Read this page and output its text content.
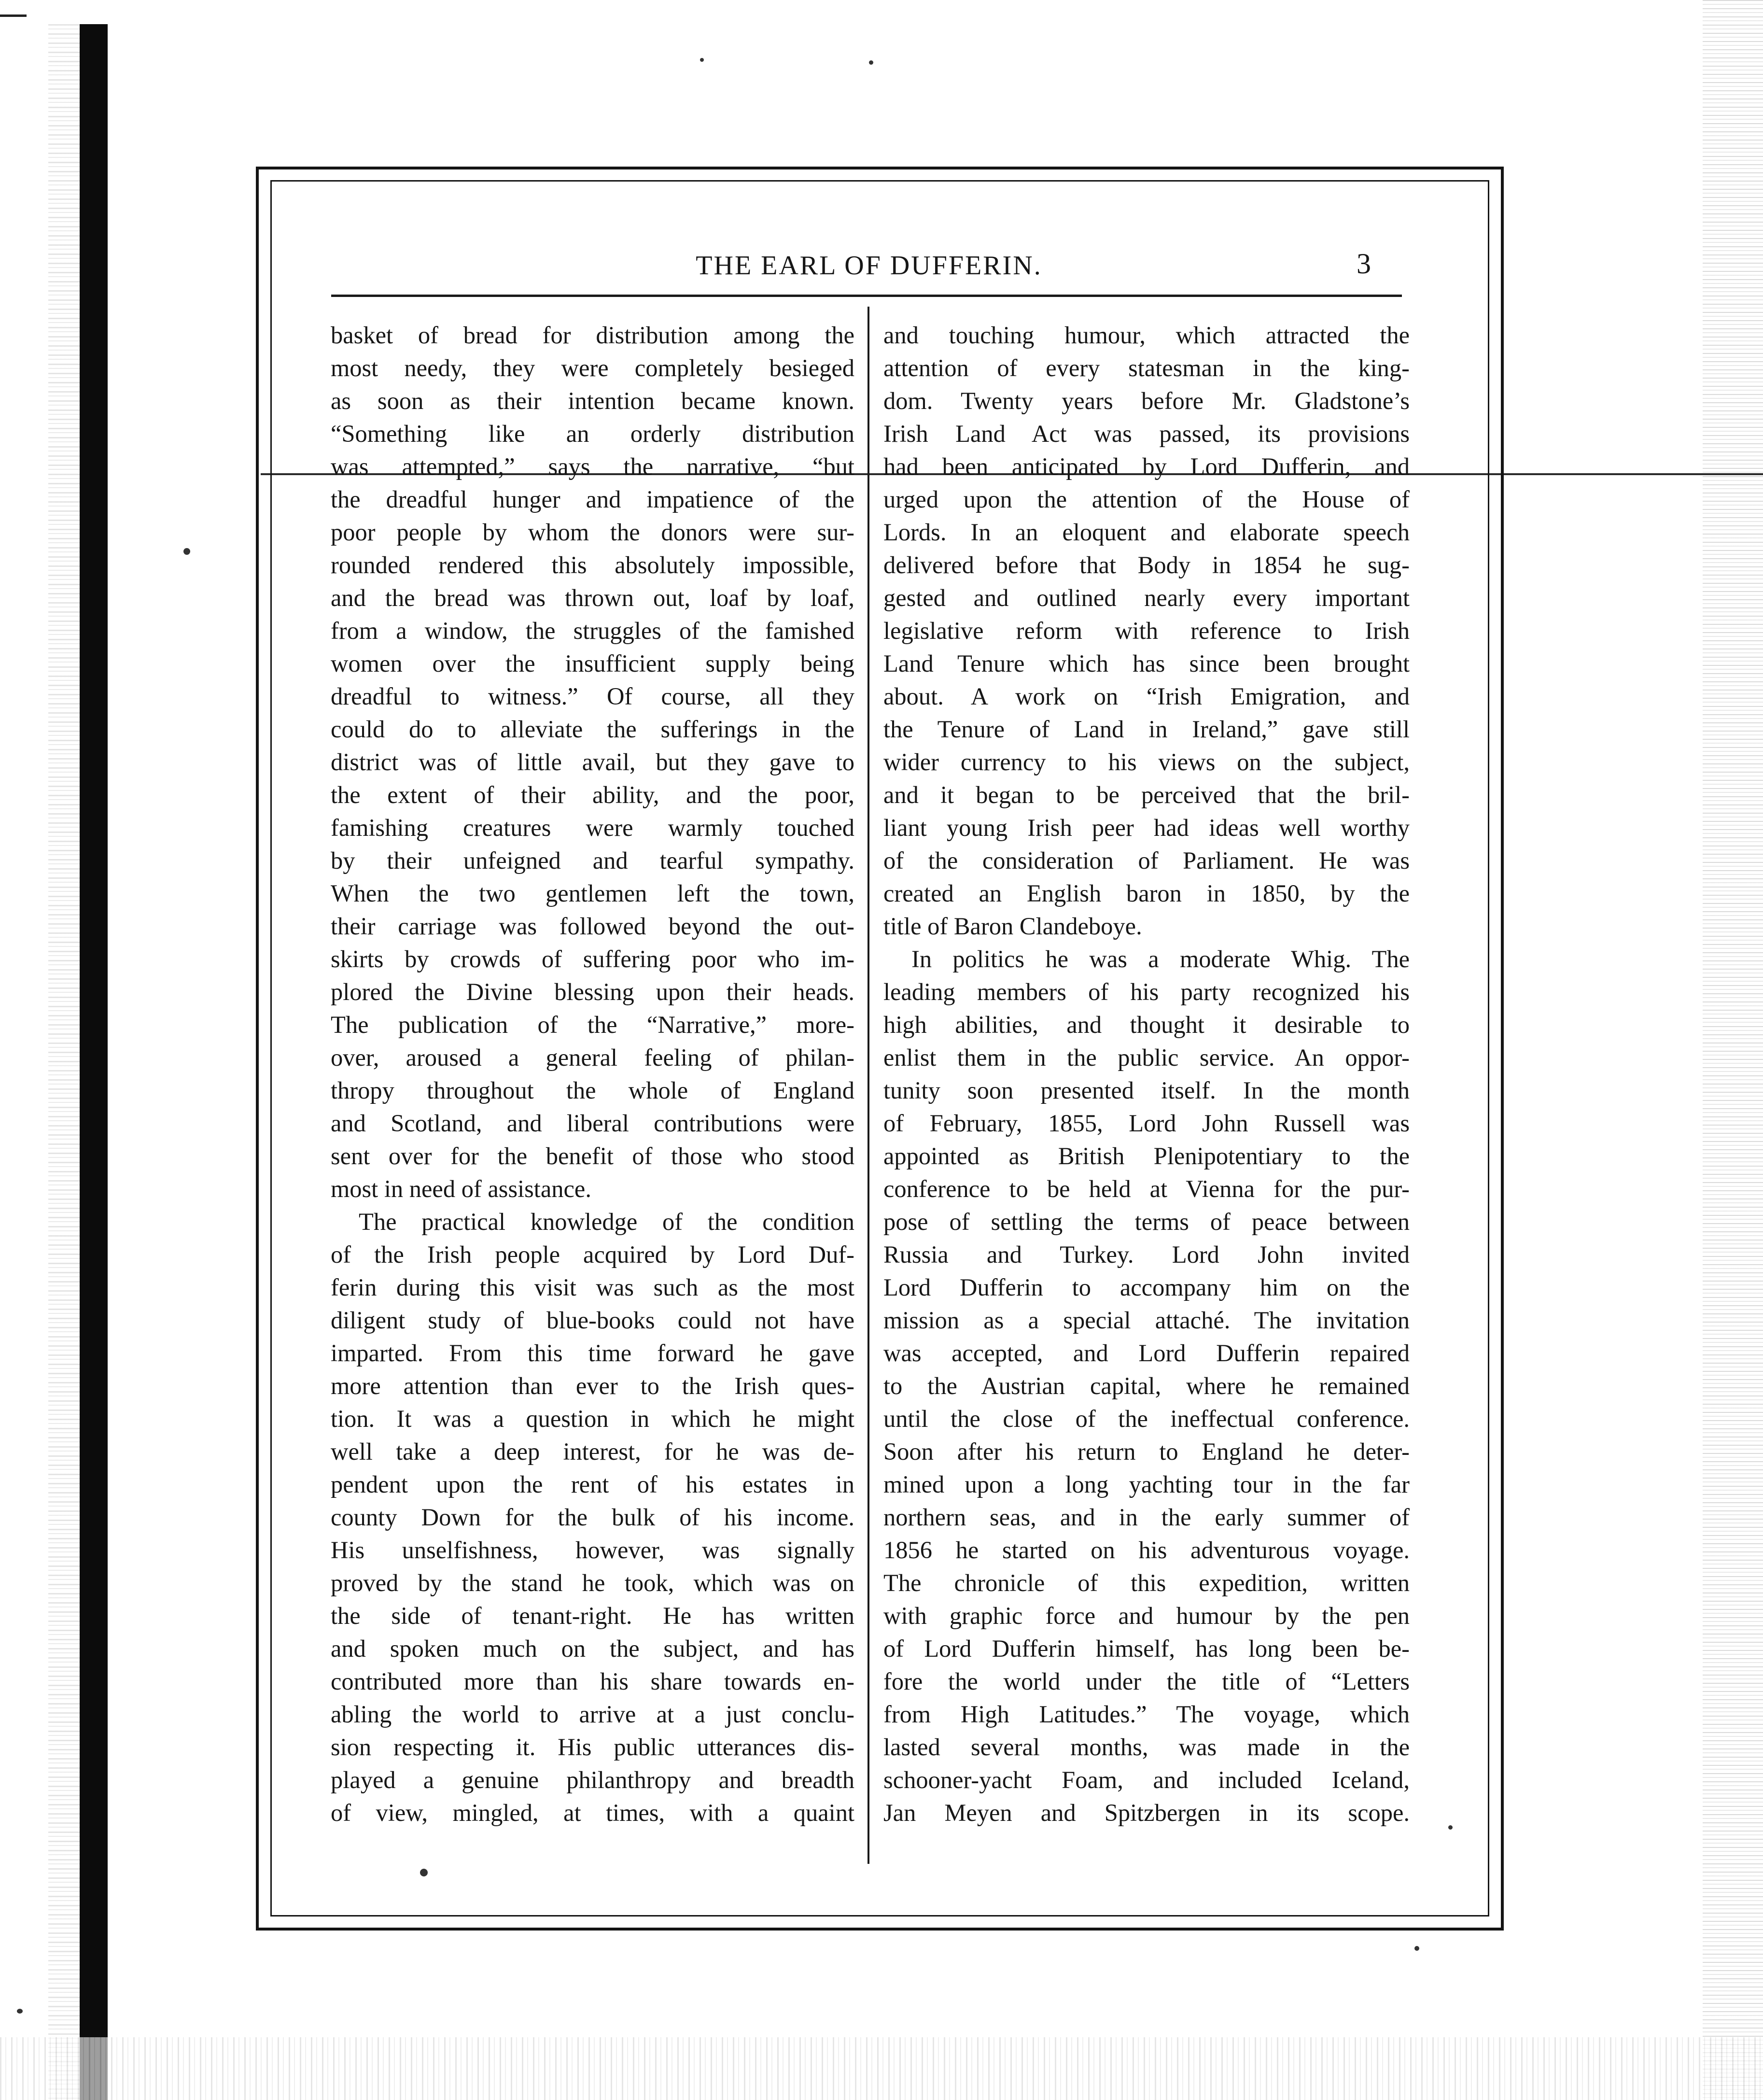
THE EARL OF DUFFERIN.	3
basket of bread for distribution among the
most needy, they were completely besieged
as soon as their intention became known.
“Something like an orderly distribution
was attempted,” says the narrative, “but
the dreadful hunger and impatience of the
poor people by whom the donors were sur-
rounded rendered this absolutely impossible,
and the bread was thrown out, loaf by loaf,
from a window, the struggles of the famished
women over the insufficient supply being
dreadful to witness.” Of course, all they
could do to alleviate the sufferings in the
district was of little avail, but they gave to
the extent of their ability, and the poor,
famishing creatures were warmly touched
by their unfeigned and tearful sympathy.
When the two gentlemen left the town,
their carriage was followed beyond the out-
skirts by crowds of suffering poor who im-
plored the Divine blessing upon their heads.
The publication of the “Narrative,” more-
over, aroused a general feeling of philan-
thropy throughout the whole of England
and Scotland, and liberal contributions were
sent over for the benefit of those who stood
most in need of assistance.
The practical knowledge of the condition
of the Irish people acquired by Lord Duf-
ferin during this visit was such as the most
diligent study of blue-books could not have
imparted. From this time forward he gave
more attention than ever to the Irish ques-
tion. It was a question in which he might
well take a deep interest, for he was de-
pendent upon the rent of his estates in
county Down for the bulk of his income.
His unselfishness, however, was signally
proved by the stand he took, which was on
the side of tenant-right. He has written
and spoken much on the subject, and has
contributed more than his share towards en-
abling the world to arrive at a just conclu-
sion respecting it. His public utterances dis-
played a genuine philanthropy and breadth
of view, mingled, at times, with a quaint
and touching humour, which attracted the
attention of every statesman in the king-
dom. Twenty years before Mr. Gladstone’s
Irish Land Act was passed, its provisions
had been anticipated by Lord Dufferin, and
urged upon the attention of the House of
Lords. In an eloquent and elaborate speech
delivered before that Body in 1854 he sug-
gested and outlined nearly every important
legislative reform with reference to Irish
Land Tenure which has since been brought
about. A work on “Irish Emigration, and
the Tenure of Land in Ireland,” gave still
wider currency to his views on the subject,
and it began to be perceived that the bril-
liant young Irish peer had ideas well worthy
of the consideration of Parliament. He was
created an English baron in 1850, by the
title of Baron Clandeboye.
In politics he was a moderate Whig. The
leading members of his party recognized his
high abilities, and thought it desirable to
enlist them in the public service. An oppor-
tunity soon presented itself. In the month
of February, 1855, Lord John Russell was
appointed as British Plenipotentiary to the
conference to be held at Vienna for the pur-
pose of settling the terms of peace between
Russia and Turkey. Lord John invited
Lord Dufferin to accompany him on the
mission as a special attaché. The invitation
was accepted, and Lord Dufferin repaired
to the Austrian capital, where he remained
until the close of the ineffectual conference.
Soon after his return to England he deter-
mined upon a long yachting tour in the far
northern seas, and in the early summer of
1856 he started on his adventurous voyage.
The chronicle of this expedition, written
with graphic force and humour by the pen
of Lord Dufferin himself, has long been be-
fore the world under the title of “Letters
from High Latitudes.” The voyage, which
lasted several months, was made in the
schooner-yacht Foam, and included Iceland,
Jan Meyen and Spitzbergen in its scope.
